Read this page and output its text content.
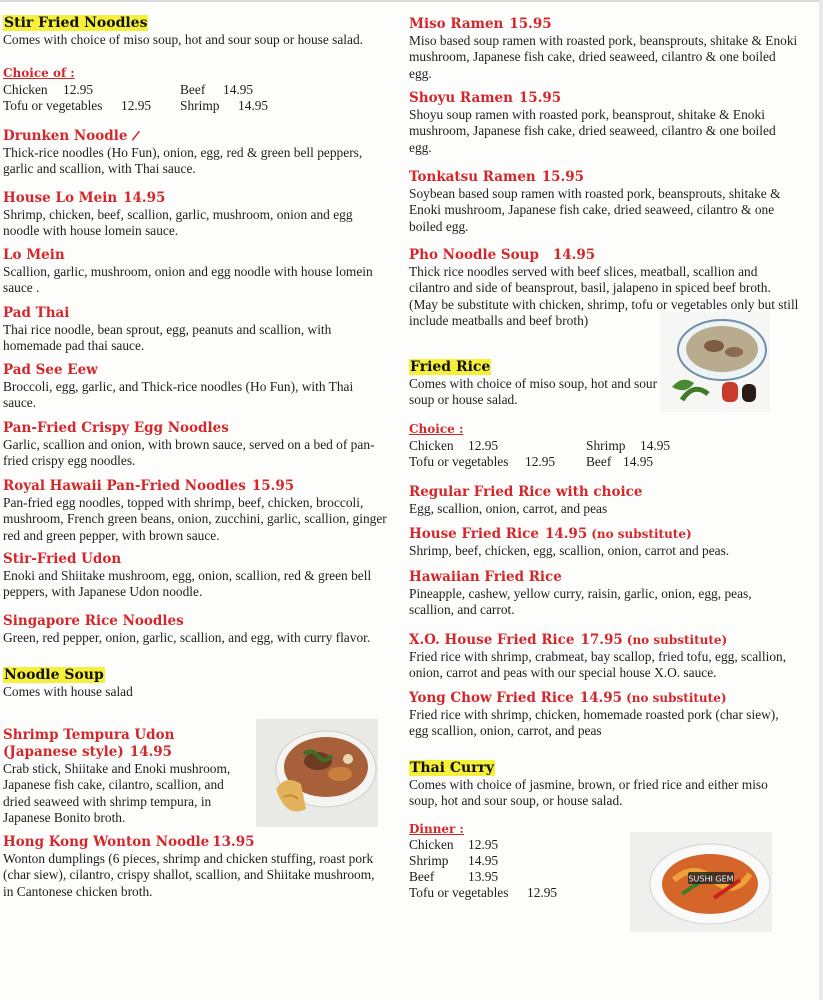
Stir Fried Noodles
Comes with choice of miso soup, hot and sour soup or house salad.
Choice of :
Chicken 12.95	Beef 14.95
Tofu or vegetables 12.95 Shrimp 14.95
Drunken Noodle /
Thick-rice noodles (Ho Fun), onion, egg, red & green bell peppers, garlic and scallion, with Thai sauce.
House Lo Mein 14.95
Shrimp, chicken, beef, scallion, garlic, mushroom, onion and egg noodle with house lomein sauce.
Lo Mein
Scallion, garlic, mushroom, onion and egg noodle with house lomein sauce .
Pad Thai
Thai rice noodle, bean sprout, egg, peanuts and scallion, with homemade pad thai sauce.
Pad See Eew
Broccoli, egg, garlic, and Thick-rice noodles (Ho Fun), with Thai sauce.
Pan-Fried Crispy Egg Noodles
Garlic, scallion and onion, with brown sauce, served on a bed of pan-fried crispy egg noodles.
Royal Hawaii Pan-Fried Noodles 15.95
Pan-fried egg noodles, topped with shrimp, beef, chicken, broccoli, mushroom, French green beans, onion, zucchini, garlic, scallion, ginger red and green pepper, with brown sauce.
Stir-Fried Udon
Enoki and Shiitake mushroom, egg, onion, scallion, red & green bell peppers, with Japanese Udon noodle.
Singapore Rice Noodles
Green, red pepper, onion, garlic, scallion, and egg, with curry flavor.
Noodle Soup
Comes with house salad
Shrimp Tempura Udon
(Japanese style) 14.95
Crab stick, Shiitake and Enoki mushroom, Japanese fish cake, cilantro, scallion, and dried seaweed with shrimp tempura, in Japanese Bonito broth.
Hong Kong Wonton Noodle 13.95
Wonton dumplings (6 pieces, shrimp and chicken stuffing, roast pork (char siew), cilantro, crispy shallot, scallion, and Shiitake mushroom, in Cantonese chicken broth.
Miso Ramen 15.95
Miso based soup ramen with roasted pork, beansprouts, shitake & Enoki mushroom, Japanese fish cake, dried seaweed, cilantro & one boiled egg.
Shoyu Ramen 15.95
Shoyu soup ramen with roasted pork, beansprout, shitake & Enoki mushroom, Japanese fish cake, dried seaweed, cilantro & one boiled egg.
Tonkatsu Ramen 15.95
Soybean based soup ramen with roasted pork, beansprouts, shitake & Enoki mushroom, Japanese fish cake, dried seaweed, cilantro & one boiled egg.
Pho Noodle Soup 14.95
Thick rice noodles served with beef slices, meatball, scallion and cilantro and side of beansprout, basil, jalapeno in spiced beef broth. (May be substitute with chicken, shrimp, tofu or vegetables only but still include meatballs and beef broth)
Fried Rice
Comes with choice of miso soup, hot and sour soup or house salad.
Choice :
Chicken 12.95	Shrimp 14.95
Tofu or vegetables 12.95 Beef 14.95
Regular Fried Rice with choice
Egg, scallion, onion, carrot, and peas
House Fried Rice 14.95 (no substitute)
Shrimp, beef, chicken, egg, scallion, onion, carrot and peas.
Hawaiian Fried Rice
Pineapple, cashew, yellow curry, raisin, garlic, onion, egg, peas, scallion, and carrot.
X.O. House Fried Rice 17.95 (no substitute)
Fried rice with shrimp, crabmeat, bay scallop, fried tofu, egg, scallion, onion, carrot and peas with our special house X.O. sauce.
Yong Chow Fried Rice 14.95 (no substitute)
Fried rice with shrimp, chicken, homemade roasted pork (char siew), egg scallion, onion, carrot, and peas
Thai Curry
Comes with choice of jasmine, brown, or fried rice and either miso soup, hot and sour soup, or house salad.
Dinner :
Chicken 12.95
Shrimp 14.95
Beef	13.95
Tofu or vegetables 12.95
SUSHI GEM
